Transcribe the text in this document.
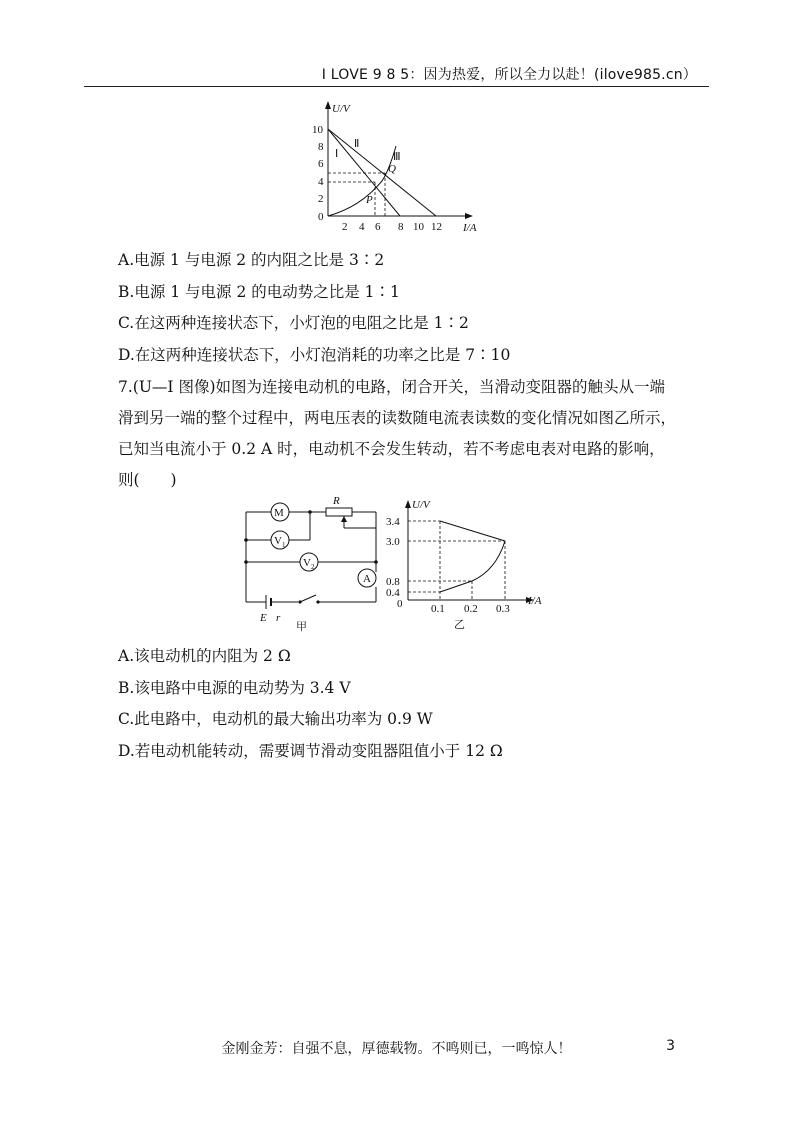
I LOVE 9 8 5：因为热爱，所以全力以赴！(ilove985.cn）
U/V
I/A
10
8
6
4
2
0
2 4 6 8 10 12
Ⅰ
Ⅱ
Ⅲ
Q
P
A.电源 1 与电源 2 的内阻之比是 3∶2
B.电源 1 与电源 2 的电动势之比是 1∶1
C.在这两种连接状态下，小灯泡的电阻之比是 1∶2
D.在这两种连接状态下，小灯泡消耗的功率之比是 7∶10
7.(U—I 图像)如图为连接电动机的电路，闭合开关，当滑动变阻器的触头从一端
滑到另一端的整个过程中，两电压表的读数随电流表读数的变化情况如图乙所示，
已知当电流小于 0.2 A 时，电动机不会发生转动，若不考虑电表对电路的影响，
则(　　)
M
R
V 1
V 2
A
E r
甲
U/V
I/A
3.4
3.0
0.8
0.4
0	0.1 0.2 0.3
乙
A.该电动机的内阻为 2 Ω
B.该电路中电源的电动势为 3.4 V
C.此电路中，电动机的最大输出功率为 0.9 W
D.若电动机能转动，需要调节滑动变阻器阻值小于 12 Ω
金刚金芳：自强不息，厚德载物。不鸣则已，一鸣惊人！	3
